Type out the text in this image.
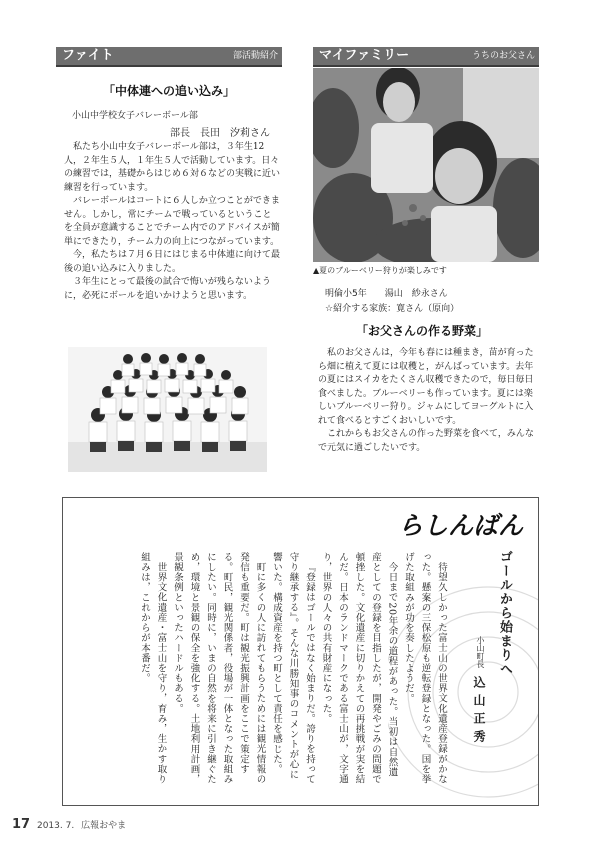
ファイト	部活動紹介
「中体連への追い込み」
小山中学校女子バレーボール部
部長　長田　汐莉さん

私たち小山中女子バレーボール部は，３年生12人，２年生５人，１年生５人で活動しています。日々の練習では，基礎からはじめ６対６などの実戦に近い練習を行っています。

バレーボールはコートに６人しか立つことができません。しかし，常にチームで戦っているということを全員が意識することでチーム内でのアドバイスが簡単にできたり，チーム力の向上につながっています。

今，私たちは７月６日にはじまる中体連に向けて最後の追い込みに入りました。

３年生にとって最後の試合で悔いが残らないように，必死にボールを追いかけようと思います。

マイファミリー	うちのお父さん
▲夏のブルーベリー狩りが楽しみです
明倫小5年　　湯山　紗永さん
☆紹介する家族：寛さん（原向）
「お父さんの作る野菜」

私のお父さんは，今年も春には種まき，苗が育ったら畑に植えて夏には収穫と，がんばっています。去年の夏にはスイカをたくさん収穫できたので，毎日毎日食べました。ブルーベリーも作っています。夏には楽しいブルーベリー狩り。ジャムにしてヨーグルトに入れて食べるとすごくおいしいです。

これからもお父さんの作った野菜を食べて，みんなで元気に過ごしたいです。

らしんばん
ゴールから始まりへ
小山町長
込山正秀

待望久しかった富士山の世界文化遺産登録がかなった。懸案の三保松原も逆転登録となった。国を挙げた取組みが功を奏したようだ。

今日まで20年余の道程があった。当初は自然遺産としての登録を目指したが，開発やごみの問題で頓挫した。文化遺産に切りかえての再挑戦が実を結んだ。日本のランドマークである富士山が，文字通り，世界の人々の共有財産になった。

『登録はゴールではなく始まりだ。誇りを持って守り継承する』。そんな川勝知事のコメントが心に響いた。構成資産を持つ町として責任を感じた。

町に多くの人に訪れてもらうためには観光情報の発信も重要だ。町は観光振興計画をここで策定する。町民，観光関係者，役場が一体となった取組みにしたい。同時に，いまの自然を将来に引き継ぐため，環境と景観の保全を強化する。土地利用計画，景観条例といったハードルもある。

世界文化遺産・富士山を守り，育み，生かす取り組みは，これからが本番だ。

17 2013. 7. 広報おやま
